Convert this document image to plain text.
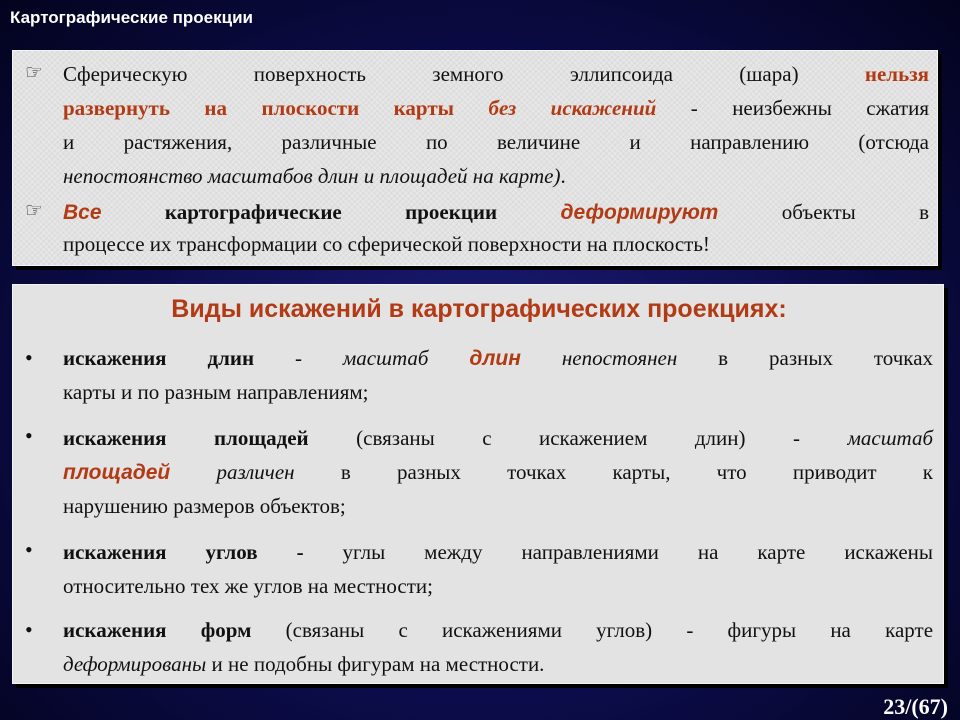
Картографические проекции
☞ Сферическую поверхность земного эллипсоида (шара)	нельзя
развернуть на плоскости карты без искажений - неизбежны сжатия
и растяжения, различные по величине и направлению (отсюда
непостоянство масштабов длин и площадей на карте).
☞ Все	картографические проекции	деформируют	объекты в
процессе их трансформации со сферической поверхности на плоскость!
Виды искажений в картографических проекциях:
• искажения длин - масштаб длин непостоянен в разных точках
карты и по разным направлениям;
• искажения площадей (связаны с искажением длин) - масштаб
площадей различен в разных точках карты, что приводит к
нарушению размеров объектов;
• искажения углов - углы между направлениями на карте искажены
относительно тех же углов на местности;
• искажения форм (связаны с искажениями углов) - фигуры на карте
деформированы и не подобны фигурам на местности.
23/(67)
